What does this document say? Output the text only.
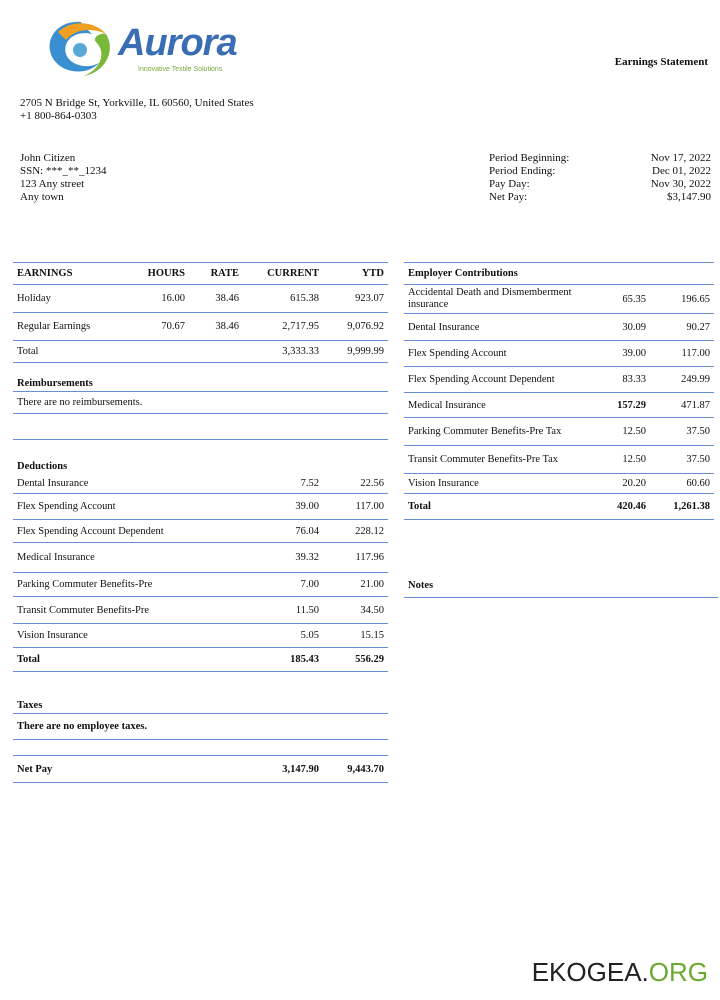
Aurora
Innovative Textile Solutions
Earnings Statement
2705 N Bridge St, Yorkville, IL 60560, United States
+1 800-864-0303
John Citizen
SSN: ***_**_1234
123 Any street
Any town
Period Beginning:	Nov 17, 2022
Period Ending:	Dec 01, 2022
Pay Day:	Nov 30, 2022
Net Pay:	$3,147.90
EARNINGS	HOURS	RATE	CURRENT	YTD
Holiday	16.00	38.46	615.38	923.07
Regular Earnings	70.67	38.46	2,717.95	9,076.92
Total			3,333.33	9,999.99
Reimbursements				
There are no reimbursements.				

Deductions				
Dental Insurance			7.52	22.56
Flex Spending Account			39.00	117.00
Flex Spending Account Dependent			76.04	228.12
Medical Insurance			39.32	117.96
Parking Commuter Benefits-Pre			7.00	21.00
Transit Commuter Benefits-Pre			11.50	34.50
Vision Insurance			5.05	15.15
Total			185.43	556.29
Taxes				
There are no employee taxes.				

Net Pay			3,147.90	9,443.70
Employer Contributions		
Accidental Death and Dismemberment insurance	65.35	196.65
Dental Insurance	30.09	90.27
Flex Spending Account	39.00	117.00
Flex Spending Account Dependent	83.33	249.99
Medical Insurance	157.29	471.87
Parking Commuter Benefits-Pre Tax	12.50	37.50
Transit Commuter Benefits-Pre Tax	12.50	37.50
Vision Insurance	20.20	60.60
Total	420.46	1,261.38
Notes
EKOGEA.ORG
